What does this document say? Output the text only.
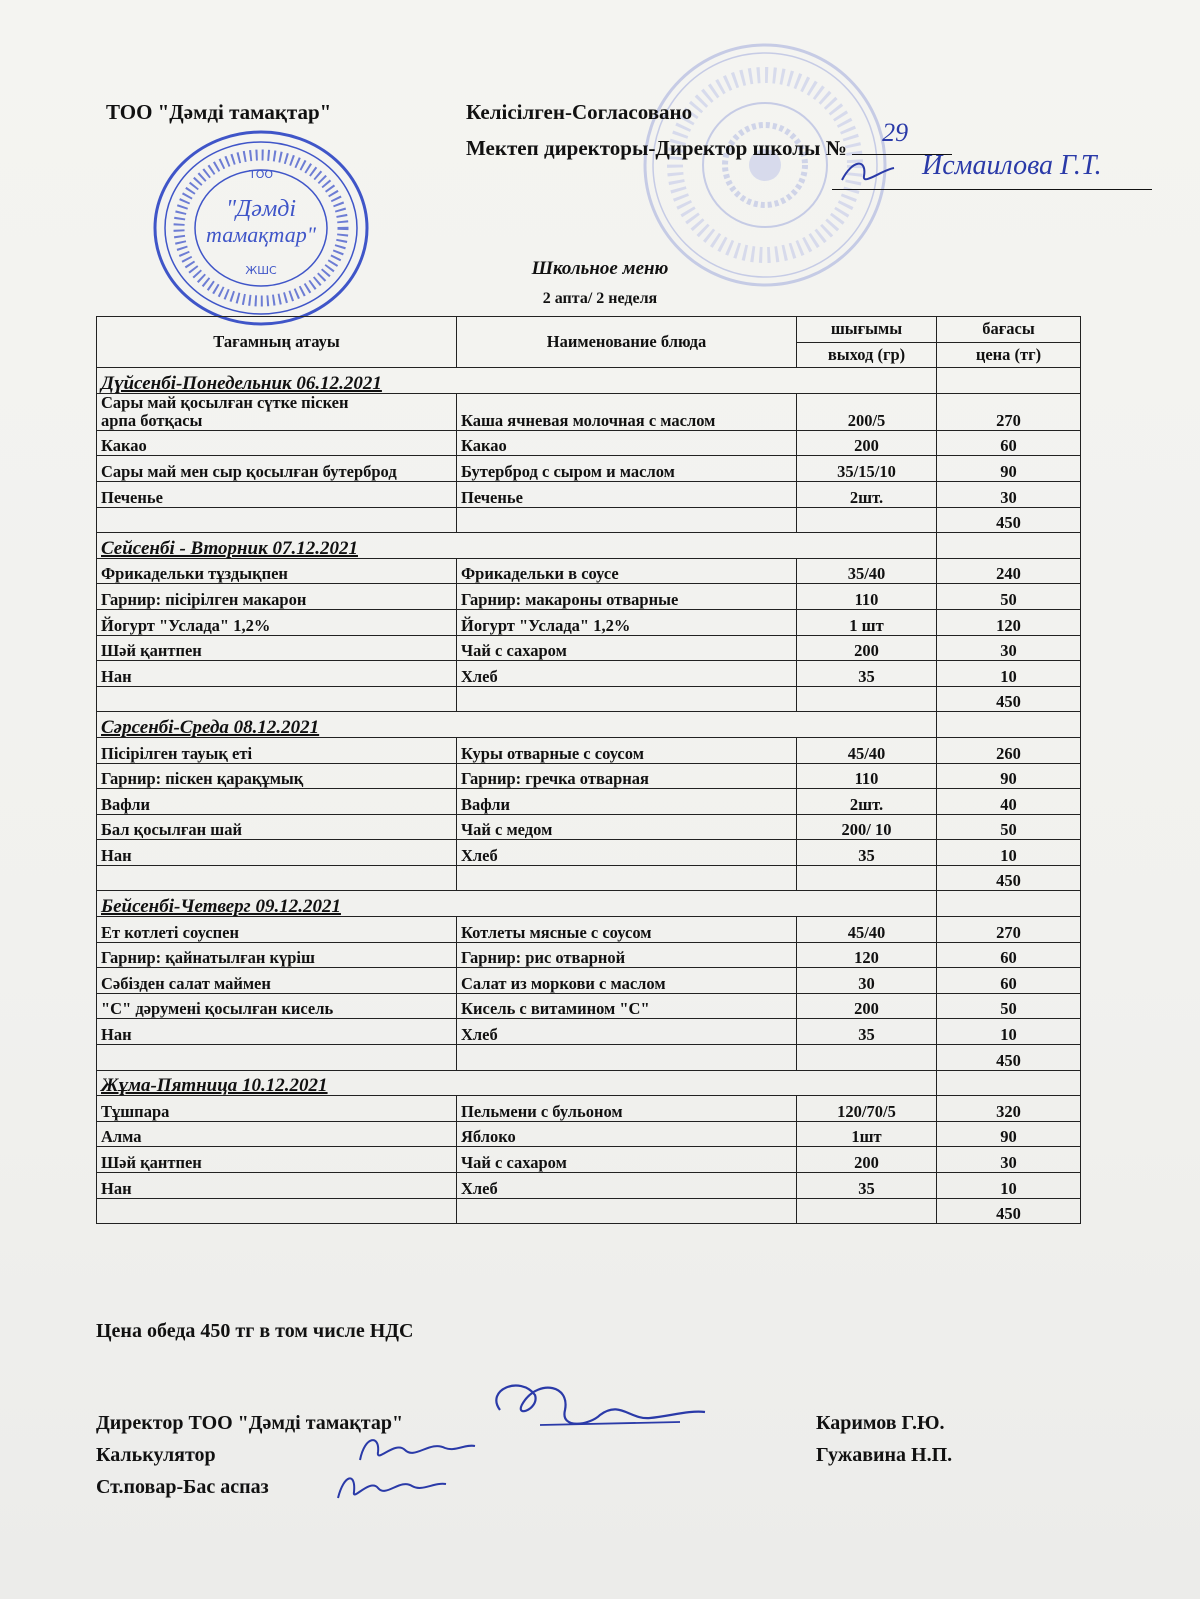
ТОО
"Дәмді
тамақтар"
ЖШС
ТОО "Дәмді тамақтар"	Келісілген-Согласовано
Мектеп директоры-Директор школы №
29
Исмаилова Г.Т.
Школьное меню
2 апта/ 2 неделя
Тағамның атауы	Наименование блюда	шығымы	бағасы
		выход (гр)	цена (тг)
Дүйсенбі-Понедельник 06.12.2021			

Сары май қосылған сүтке піскен
арпа ботқасы	Каша ячневая молочная с маслом	200/5	270
Какао	Какао	200	60
Сары май мен сыр қосылған бутерброд	Бутерброд с сыром и маслом	35/15/10	90
Печенье	Печенье	2шт.	30
			450
Сейсенбі - Вторник 07.12.2021			
Фрикадельки тұздықпен	Фрикадельки в соусе	35/40	240
Гарнир: пісірілген макарон	Гарнир: макароны отварные	110	50
Йогурт "Услада" 1,2%	Йогурт "Услада" 1,2%	1 шт	120
Шәй қантпен	Чай с сахаром	200	30
Нан	Хлеб	35	10
			450
Сәрсенбі-Среда 08.12.2021			
Пісірілген тауық еті	Куры отварные с соусом	45/40	260
Гарнир: піскен қарақұмық	Гарнир: гречка отварная	110	90
Вафли	Вафли	2шт.	40
Бал қосылған шай	Чай с медом	200/ 10	50
Нан	Хлеб	35	10
			450
Бейсенбі-Четверг 09.12.2021			
Ет котлеті соуспен	Котлеты мясные с соусом	45/40	270
Гарнир: қайнатылған күріш	Гарнир: рис отварной	120	60
Сәбізден салат маймен	Салат из моркови с маслом	30	60
"С" дәрумені қосылған кисель	Кисель с витамином "С"	200	50
Нан	Хлеб	35	10
			450
Жұма-Пятница 10.12.2021			
Тұшпара	Пельмени с бульоном	120/70/5	320
Алма	Яблоко	1шт	90
Шәй қантпен	Чай с сахаром	200	30
Нан	Хлеб	35	10
			450
Цена обеда 450 тг в том числе НДС
Директор ТОО "Дәмді тамақтар"	Каримов Г.Ю.
Калькулятор	Гужавина Н.П.
Ст.повар-Бас аспаз
